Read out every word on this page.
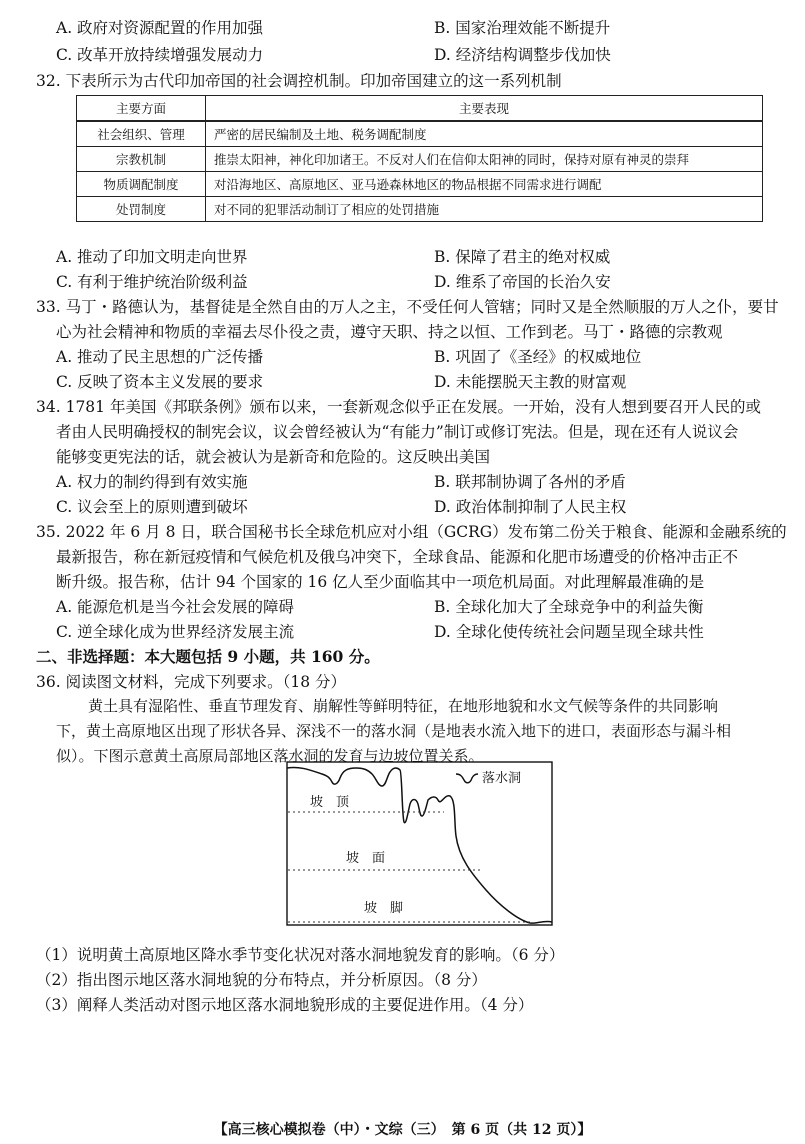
A. 政府对资源配置的作用加强	B. 国家治理效能不断提升
C. 改革开放持续增强发展动力	D. 经济结构调整步伐加快
32. 下表所示为古代印加帝国的社会调控机制。印加帝国建立的这一系列机制
主要方面	主要表现
社会组织、管理	严密的居民编制及土地、税务调配制度
宗教机制	推崇太阳神，神化印加诸王。不反对人们在信仰太阳神的同时，保持对原有神灵的崇拜
物质调配制度	对沿海地区、高原地区、亚马逊森林地区的物品根据不同需求进行调配
处罚制度	对不同的犯罪活动制订了相应的处罚措施
A. 推动了印加文明走向世界	B. 保障了君主的绝对权威
C. 有利于维护统治阶级利益	D. 维系了帝国的长治久安
33. 马丁・路德认为，基督徒是全然自由的万人之主，不受任何人管辖；同时又是全然顺服的万人之仆，要甘
心为社会精神和物质的幸福去尽仆役之责，遵守天职、持之以恒、工作到老。马丁・路德的宗教观
A. 推动了民主思想的广泛传播	B. 巩固了《圣经》的权威地位
C. 反映了资本主义发展的要求	D. 未能摆脱天主教的财富观
34. 1781 年美国《邦联条例》颁布以来，一套新观念似乎正在发展。一开始，没有人想到要召开人民的或
者由人民明确授权的制宪会议，议会曾经被认为“有能力”制订或修订宪法。但是，现在还有人说议会
能够变更宪法的话，就会被认为是新奇和危险的。这反映出美国
A. 权力的制约得到有效实施	B. 联邦制协调了各州的矛盾
C. 议会至上的原则遭到破坏	D. 政治体制抑制了人民主权
35. 2022 年 6 月 8 日，联合国秘书长全球危机应对小组（GCRG）发布第二份关于粮食、能源和金融系统的
最新报告，称在新冠疫情和气候危机及俄乌冲突下，全球食品、能源和化肥市场遭受的价格冲击正不
断升级。报告称，估计 94 个国家的 16 亿人至少面临其中一项危机局面。对此理解最准确的是
A. 能源危机是当今社会发展的障碍	B. 全球化加大了全球竞争中的利益失衡
C. 逆全球化成为世界经济发展主流	D. 全球化使传统社会问题呈现全球共性
二、非选择题：本大题包括 9 小题，共 160 分。
36. 阅读图文材料，完成下列要求。（18 分）
黄土具有湿陷性、垂直节理发育、崩解性等鲜明特征，在地形地貌和水文气候等条件的共同影响
下，黄土高原地区出现了形状各异、深浅不一的落水洞（是地表水流入地下的进口，表面形态与漏斗相
似）。下图示意黄土高原局部地区落水洞的发育与边坡位置关系。
落水洞
坡　顶
坡　面
坡　脚
（1）说明黄土高原地区降水季节变化状况对落水洞地貌发育的影响。（6 分）
（2）指出图示地区落水洞地貌的分布特点，并分析原因。（8 分）
（3）阐释人类活动对图示地区落水洞地貌形成的主要促进作用。（4 分）
【高三核心模拟卷（中）・文综（三）　第 6 页（共 12 页）】
